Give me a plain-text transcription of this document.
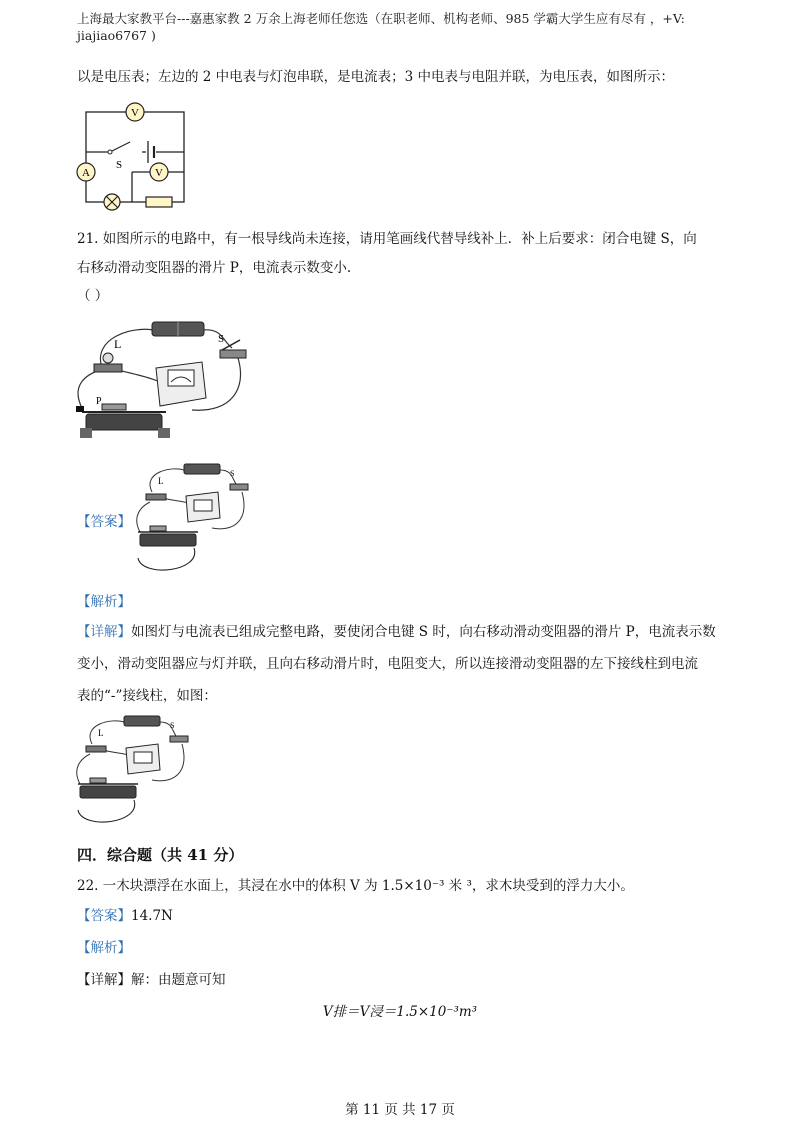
上海最大家教平台---嘉惠家教 2 万余上海老师任您选（在职老师、机构老师、985 学霸大学生应有尽有 ，+V:
jiajiao6767 )
以是电压表；左边的 2 中电表与灯泡串联，是电流表；3 中电表与电阻并联，为电压表，如图所示：
V
S
A	V
21. 如图所示的电路中，有一根导线尚未连接，请用笔画线代替导线补上．补上后要求：闭合电键 S，向
右移动滑动变阻器的滑片 P，电流表示数变小.
（ ）
L	S
P
L
S
【答案】
【解析】
【详解】如图灯与电流表已组成完整电路，要使闭合电键 S 时，向右移动滑动变阻器的滑片 P，电流表示数
变小，滑动变阻器应与灯并联，且向右移动滑片时，电阻变大，所以连接滑动变阻器的左下接线柱到电流
表的“-”接线柱，如图：
L
S
四．综合题（共 41 分）
22. 一木块漂浮在水面上，其浸在水中的体积 V 为 1.5×10⁻³ 米 ³，求木块受到的浮力大小。
【答案】14.7N
【解析】
【详解】解：由题意可知
V排＝V浸＝1.5×10⁻³m³
第 11 页 共 17 页
